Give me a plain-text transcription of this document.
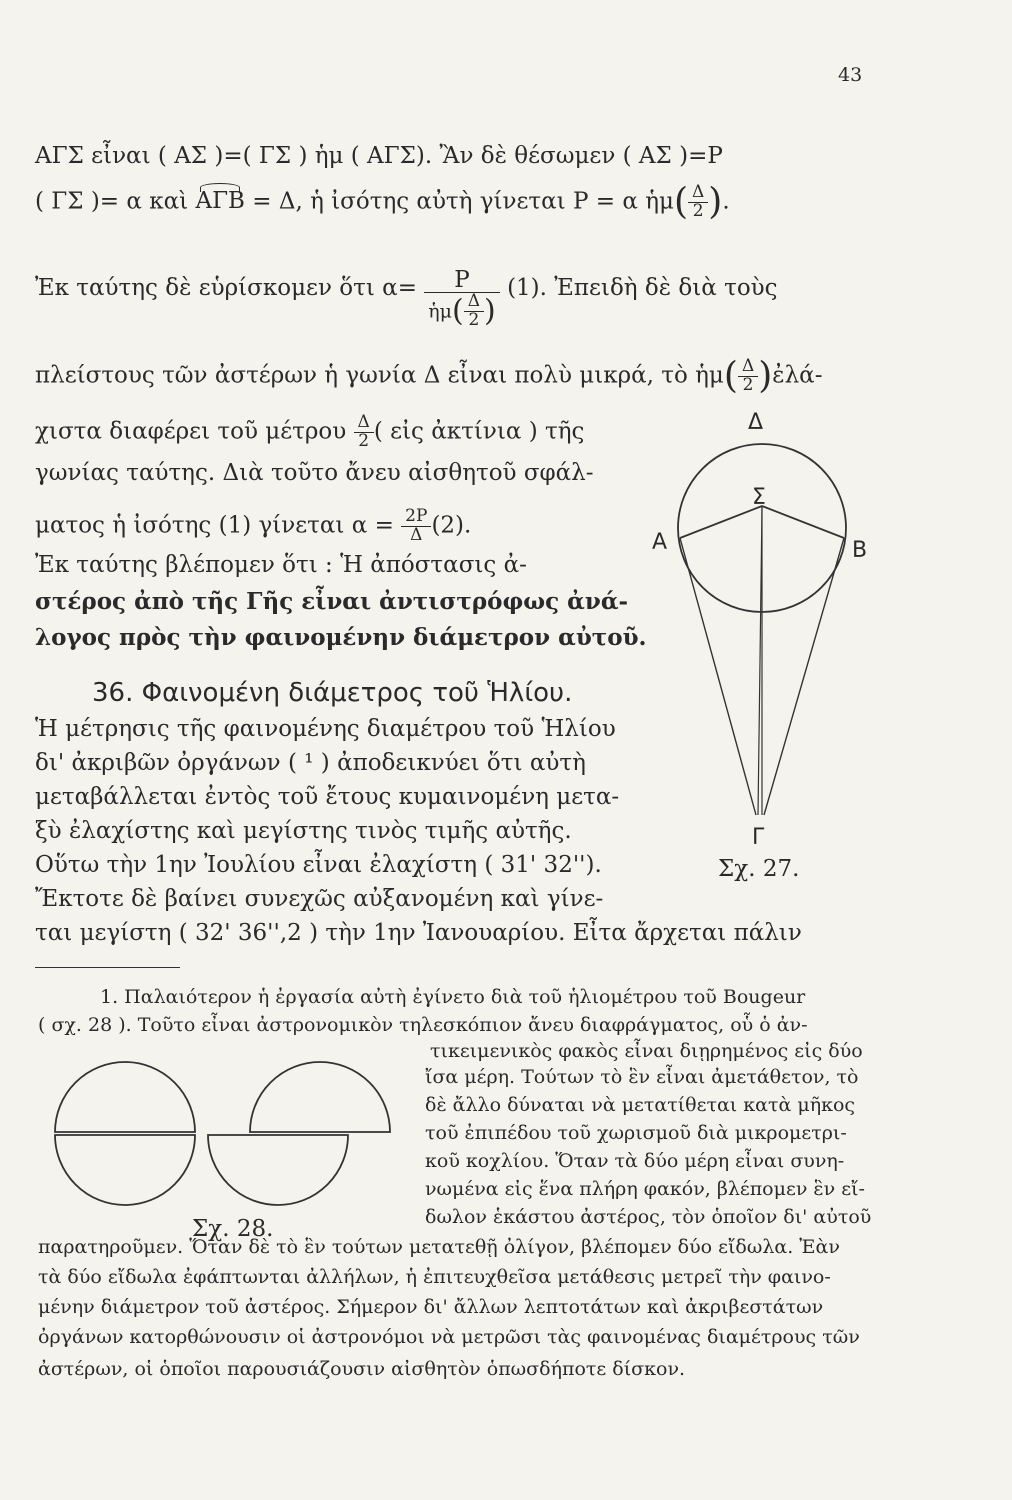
43
ΑΓΣ εἶναι ( ΑΣ )=( ΓΣ ) ἡμ ( ΑΓΣ). Ἂν δὲ θέσωμεν ( ΑΣ )=Ρ
( ΓΣ )= α καὶ ΑΓΒ = Δ, ἡ ἰσότης αὐτὴ γίνεται Ρ = α ἡμ( $\frac{\Delta}{2}$ ).
Ἐκ ταύτης δὲ εὑρίσκομεν ὅτι $\alpha= \frac{P}{ἡ\mu( \frac{\Delta}{2} )} (1)$. Ἐπειδὴ δὲ διὰ τοὺς
πλείστους τῶν ἀστέρων ἡ γωνία Δ εἶναι πολὺ μικρά, τὸ ἡμ( $\frac{\Delta}{2}$ )ἐλά-
χιστα διαφέρει τοῦ μέτρου $\frac{\Delta}{2}$ ( εἰς ἀκτίνια ) τῆς
γωνίας ταύτης. Διὰ τοῦτο ἄνευ αἰσθητοῦ σφάλ-
ματος ἡ ἰσότης (1) γίνεται $\alpha = \frac{2P}{\Delta} (2)$.
Ἐκ ταύτης βλέπομεν ὅτι : Ἡ ἀπόστασις ἀ-
στέρος ἀπὸ τῆς Γῆς εἶναι ἀντιστρόφως ἀνά-
λογος πρὸς τὴν φαινομένην διάμετρον αὐτοῦ.
36. Φαινομένη διάμετρος τοῦ Ἡλίου.
Ἡ μέτρησις τῆς φαινομένης διαμέτρου τοῦ Ἡλίου
δι' ἀκριβῶν ὀργάνων ( ¹ ) ἀποδεικνύει ὅτι αὐτὴ
μεταβάλλεται ἐντὸς τοῦ ἔτους κυμαινομένη μετα-
ξὺ ἐλαχίστης καὶ μεγίστης τινὸς τιμῆς αὐτῆς.
Οὕτω τὴν 1ην Ἰουλίου εἶναι ἐλαχίστη ( 31' 32'').
Ἔκτοτε δὲ βαίνει συνεχῶς αὐξανομένη καὶ γίνε-
ται μεγίστη ( 32' 36'',2 ) τὴν 1ην Ἰανουαρίου. Εἶτα ἄρχεται πάλιν
Δ
Σ
Α	Β
Γ
Σχ. 27.
1. Παλαιότερον ἡ ἐργασία αὐτὴ ἐγίνετο διὰ τοῦ ἡλιομέτρου τοῦ Bougeur
( σχ. 28 ). Τοῦτο εἶναι ἀστρονομικὸν τηλεσκόπιον ἄνευ διαφράγματος, οὗ ὁ ἀν-
τικειμενικὸς φακὸς εἶναι διῃρημένος εἰς δύο
ἴσα μέρη. Τούτων τὸ ἓν εἶναι ἀμετάθετον, τὸ
δὲ ἄλλο δύναται νὰ μετατίθεται κατὰ μῆκος
τοῦ ἐπιπέδου τοῦ χωρισμοῦ διὰ μικρομετρι-
κοῦ κοχλίου. Ὅταν τὰ δύο μέρη εἶναι συνη-
νωμένα εἰς ἕνα πλήρη φακόν, βλέπομεν ἓν εἴ-
δωλον ἑκάστου ἀστέρος, τὸν ὁποῖον δι' αὐτοῦ
παρατηροῦμεν. Ὅταν δὲ τὸ ἓν τούτων μετατεθῇ ὀλίγον, βλέπομεν δύο εἴδωλα. Ἐὰν
τὰ δύο εἴδωλα ἐφάπτωνται ἀλλήλων, ἡ ἐπιτευχθεῖσα μετάθεσις μετρεῖ τὴν φαινο-
μένην διάμετρον τοῦ ἀστέρος. Σήμερον δι' ἄλλων λεπτοτάτων καὶ ἀκριβεστάτων
ὀργάνων κατορθώνουσιν οἱ ἀστρονόμοι νὰ μετρῶσι τὰς φαινομένας διαμέτρους τῶν
ἀστέρων, οἱ ὁποῖοι παρουσιάζουσιν αἰσθητὸν ὁπωσδήποτε δίσκον.
Σχ. 28.
